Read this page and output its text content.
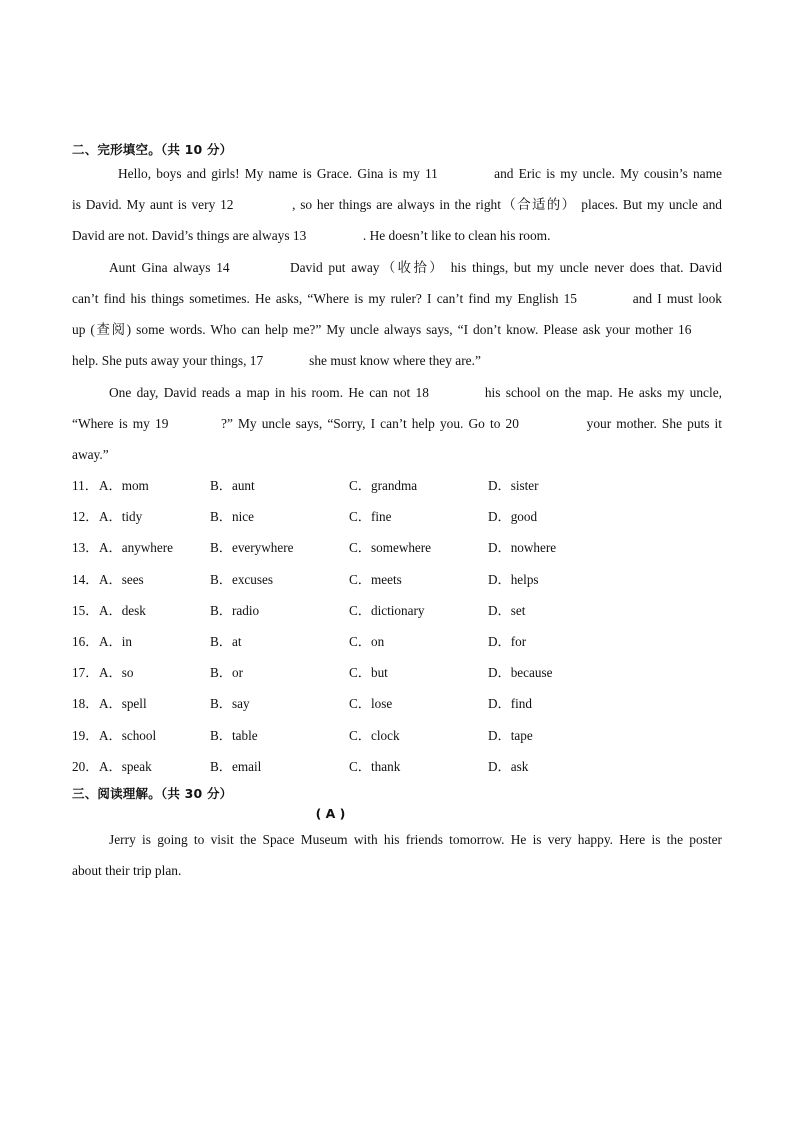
二、完形填空。（共 10 分）
Hello, boys and girls! My name is Grace. Gina is my 11	and Eric is my uncle. My cousin’s name
is David. My aunt is very 12	, so her things are always in the right（合适的） places. But my uncle and
David are not. David’s things are always 13	. He doesn’t like to clean his room.
Aunt Gina always 14	David put away（收拾） his things, but my uncle never does that. David
can’t find his things sometimes. He asks, “Where is my ruler? I can’t find my English 15	and I must look
up (查阅) some words. Who can help me?” My uncle always says, “I don’t know. Please ask your mother 16
help. She puts away your things, 17	she must know where they are.”
One day, David reads a map in his room. He can not 18	his school on the map. He asks my uncle,
“Where is my 19	?” My uncle says, “Sorry, I can’t help you. Go to 20	your mother. She puts it
away.”
11． A．mom	B．aunt	C．grandma	D．sister
12． A．tidy	B．nice	C．fine	D．good
13． A．anywhere	B．everywhere	C．somewhere	D．nowhere
14． A．sees	B．excuses	C．meets	D．helps
15． A．desk	B．radio	C．dictionary	D．set
16． A．in	B．at	C．on	D．for
17． A．so	B．or	C．but	D．because
18． A．spell	B．say	C．lose	D．find
19． A．school	B．table	C．clock	D．tape
20． A．speak	B．email	C．thank	D．ask
三、阅读理解。（共 30 分）
( A )
Jerry is going to visit the Space Museum with his friends tomorrow. He is very happy. Here is the poster
about their trip plan.
